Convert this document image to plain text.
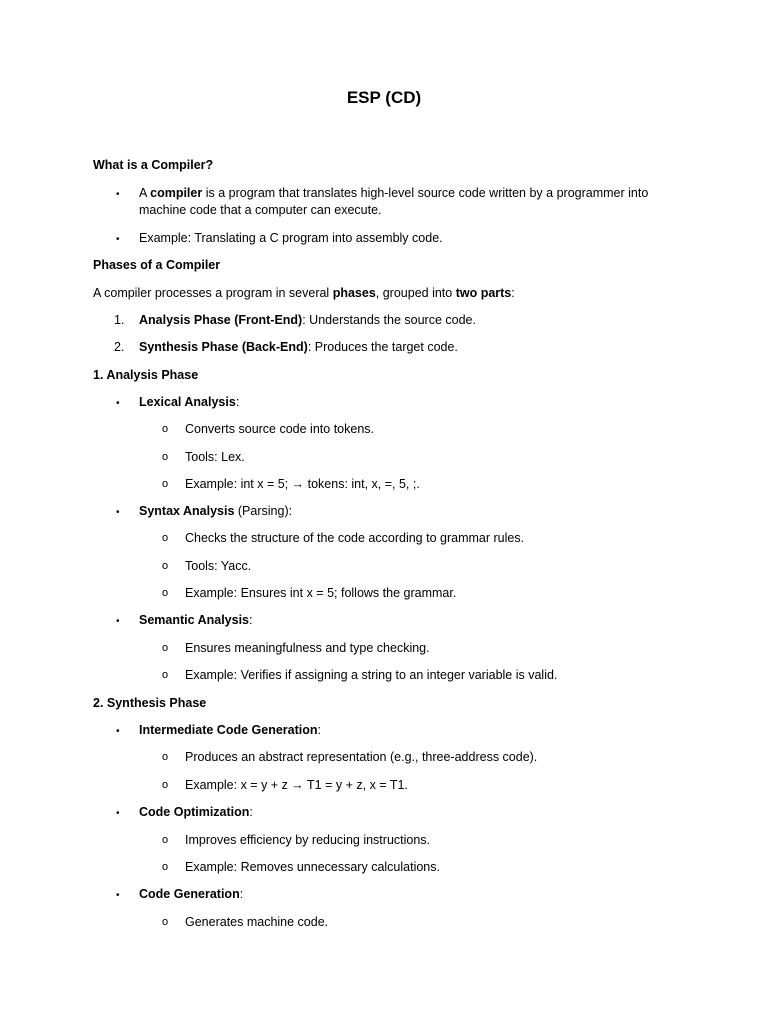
ESP (CD)
What is a Compiler?
• A compiler is a program that translates high-level source code written by a programmer into machine code that a computer can execute.
• Example: Translating a C program into assembly code.
Phases of a Compiler
A compiler processes a program in several phases, grouped into two parts:
1. Analysis Phase (Front-End): Understands the source code.
2. Synthesis Phase (Back-End): Produces the target code.
1. Analysis Phase
• Lexical Analysis:
o Converts source code into tokens.
o Tools: Lex.
o Example: int x = 5; → tokens: int, x, =, 5, ;.
• Syntax Analysis (Parsing):
o Checks the structure of the code according to grammar rules.
o Tools: Yacc.
o Example: Ensures int x = 5; follows the grammar.
• Semantic Analysis:
o Ensures meaningfulness and type checking.
o Example: Verifies if assigning a string to an integer variable is valid.
2. Synthesis Phase
• Intermediate Code Generation:
o Produces an abstract representation (e.g., three-address code).
o Example: x = y + z → T1 = y + z, x = T1.
• Code Optimization:
o Improves efficiency by reducing instructions.
o Example: Removes unnecessary calculations.
• Code Generation:
o Generates machine code.
